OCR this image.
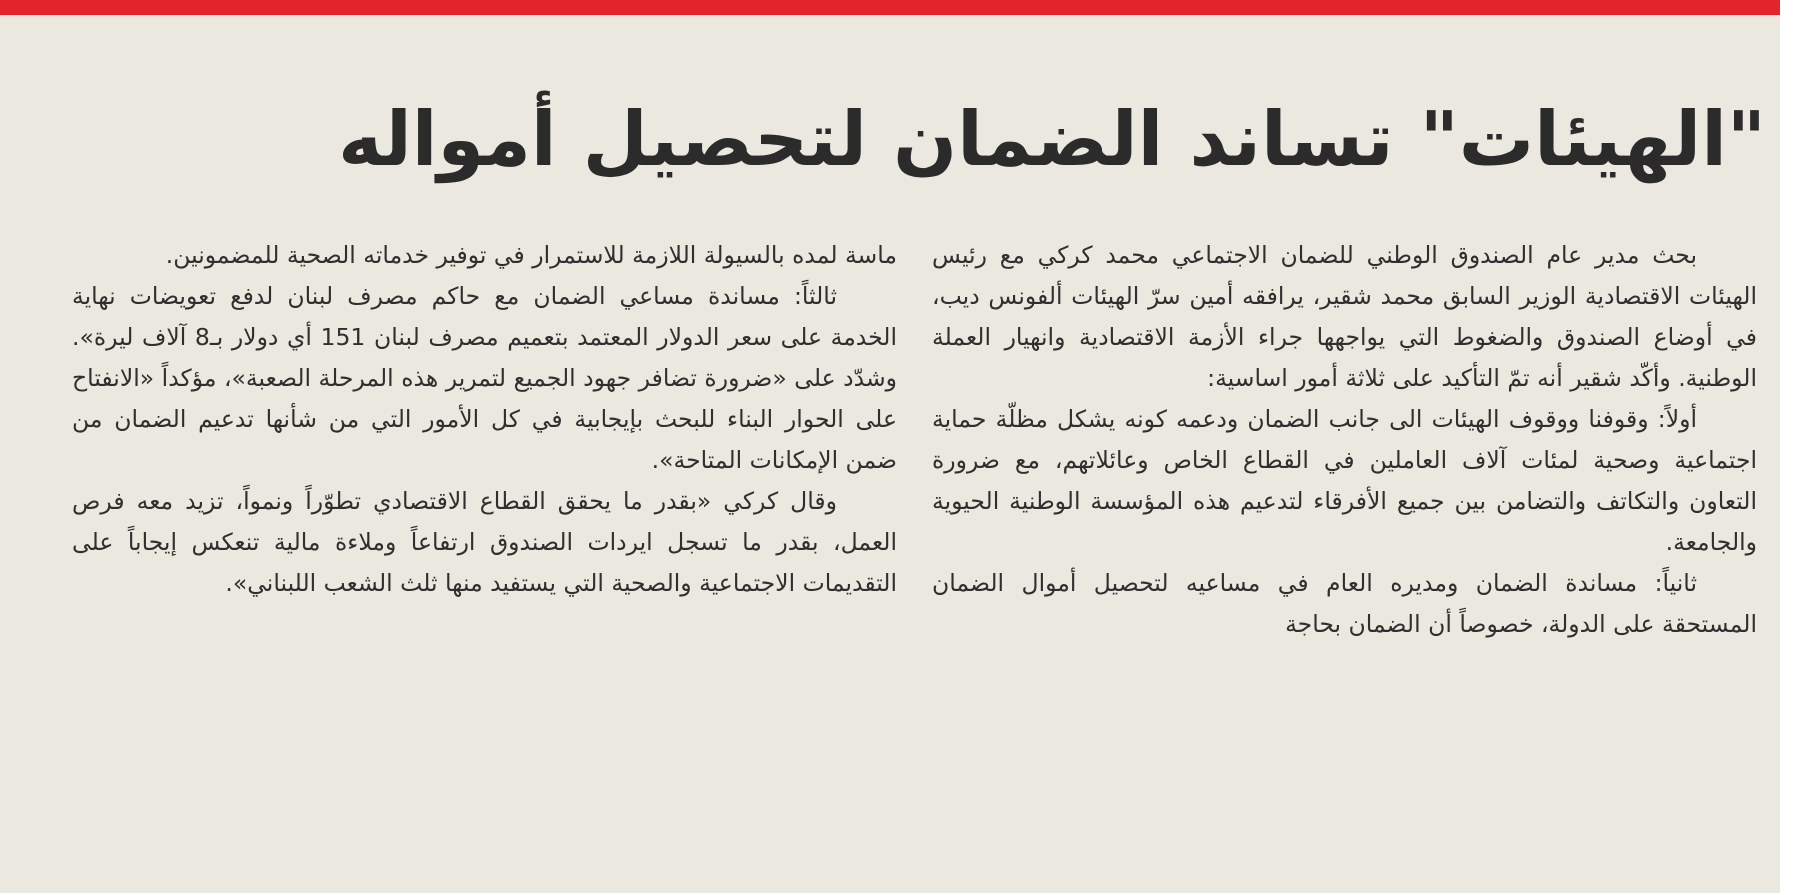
"الهيئات" تساند الضمان لتحصيل أمواله

بحث مدير عام الصندوق الوطني للضمان الاجتماعي محمد كركي مع رئيس الهيئات الاقتصادية الوزير السابق محمد شقير، يرافقه أمين سرّ الهيئات ألفونس ديب، في أوضاع الصندوق والضغوط التي يواجهها جراء الأزمة الاقتصادية وانهيار العملة الوطنية. وأكّد شقير أنه تمّ التأكيد على ثلاثة أمور اساسية:

أولاً: وقوفنا ووقوف الهيئات الى جانب الضمان ودعمه كونه يشكل مظلّة حماية اجتماعية وصحية لمئات آلاف العاملين في القطاع الخاص وعائلاتهم، مع ضرورة التعاون والتكاتف والتضامن بين جميع الأفرقاء لتدعيم هذه المؤسسة الوطنية الحيوية والجامعة.

ثانياً: مساندة الضمان ومديره العام في مساعيه لتحصيل أموال الضمان المستحقة على الدولة، خصوصاً أن الضمان بحاجة

ماسة لمده بالسيولة اللازمة للاستمرار في توفير خدماته الصحية للمضمونين.

ثالثاً: مساندة مساعي الضمان مع حاكم مصرف لبنان لدفع تعويضات نهاية الخدمة على سعر الدولار المعتمد بتعميم مصرف لبنان 151 أي دولار بـ8 آلاف ليرة». وشدّد على «ضرورة تضافر جهود الجميع لتمرير هذه المرحلة الصعبة»، مؤكداً «الانفتاح على الحوار البناء للبحث بإيجابية في كل الأمور التي من شأنها تدعيم الضمان من ضمن الإمكانات المتاحة».

وقال كركي «بقدر ما يحقق القطاع الاقتصادي تطوّراً ونمواً، تزيد معه فرص العمل، بقدر ما تسجل ايردات الصندوق ارتفاعاً وملاءة مالية تنعكس إيجاباً على التقديمات الاجتماعية والصحية التي يستفيد منها ثلث الشعب اللبناني».
